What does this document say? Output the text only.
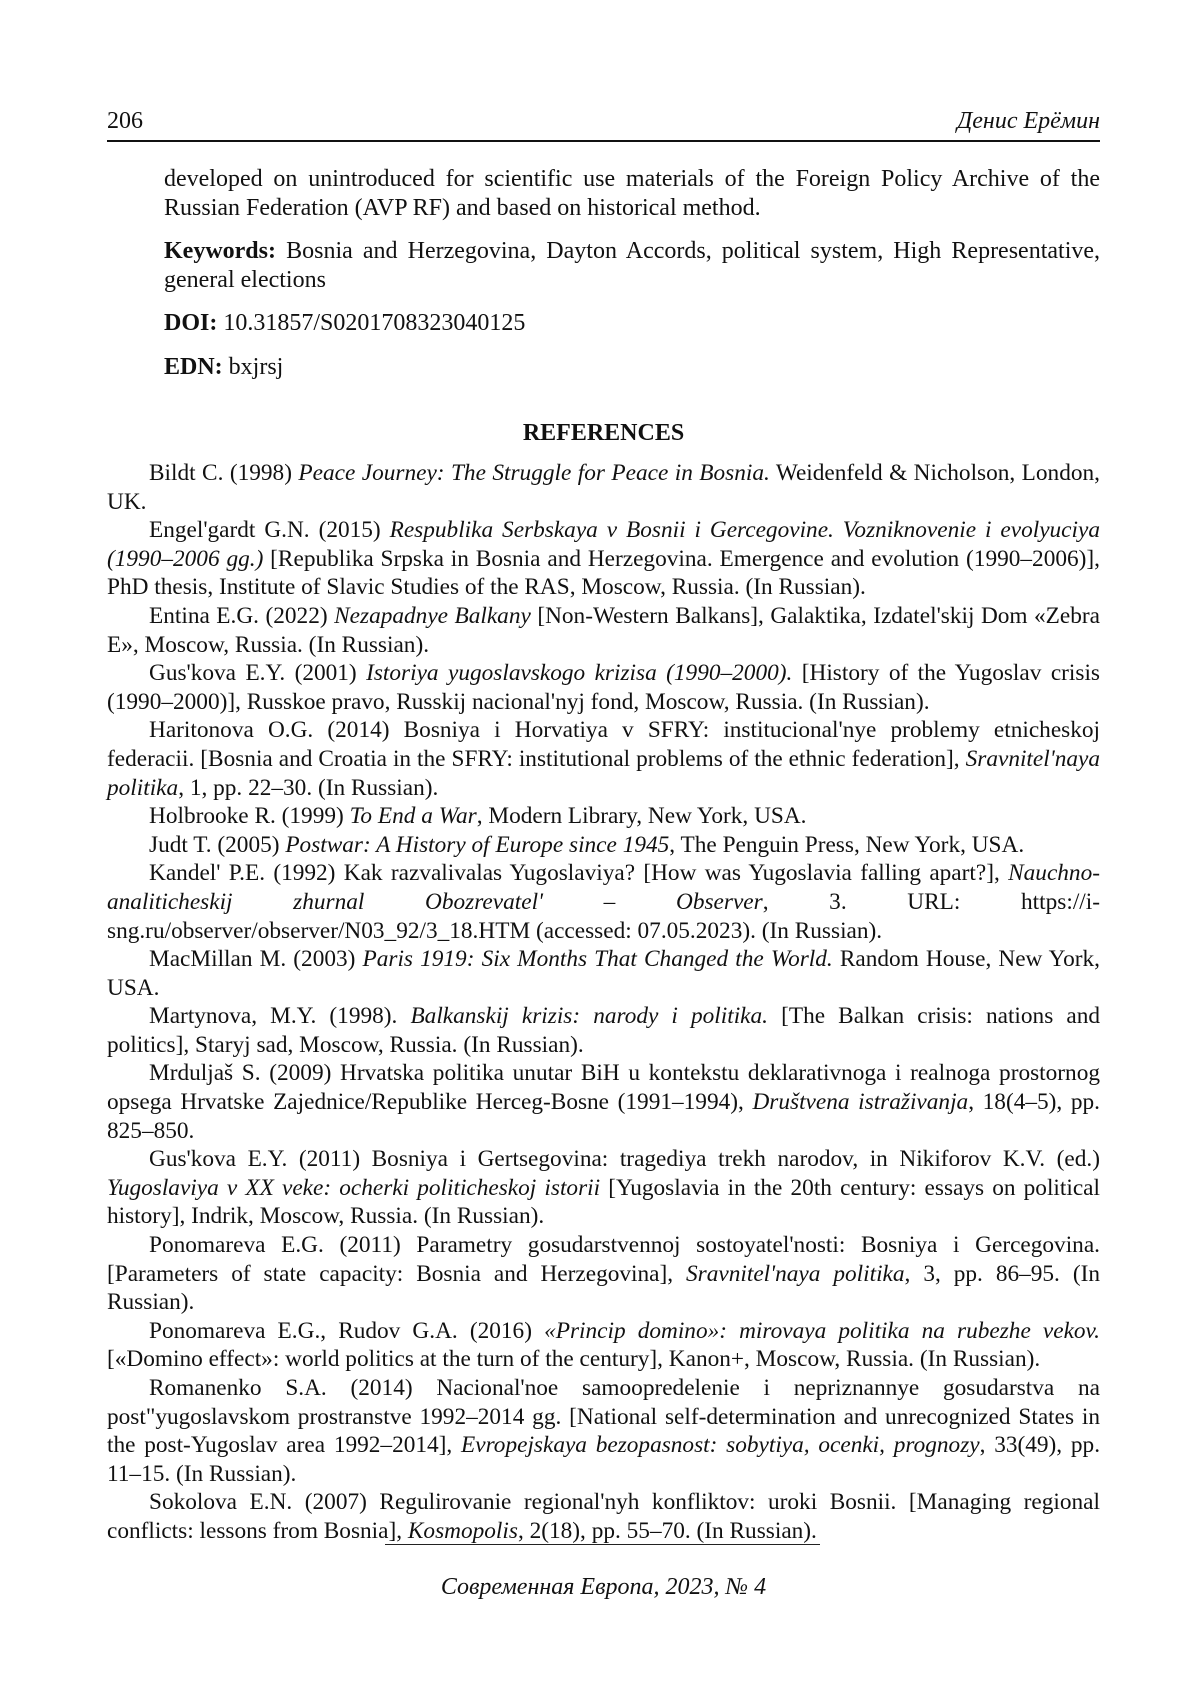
206	Денис Ерёмин

developed on unintroduced for scientific use materials of the Foreign Policy Archive of the Russian Federation (AVP RF) and based on historical method.

Keywords: Bosnia and Herzegovina, Dayton Accords, political system, High Representative, general elections

DOI: 10.31857/S0201708323040125

EDN: bxjrsj

REFERENCES

Bildt C. (1998) Peace Journey: The Struggle for Peace in Bosnia. Weidenfeld & Nicholson, London, UK.

Engel'gardt G.N. (2015) Respublika Serbskaya v Bosnii i Gercegovine. Vozniknovenie i evolyuciya (1990–2006 gg.) [Republika Srpska in Bosnia and Herzegovina. Emergence and evolution (1990–2006)], PhD thesis, Institute of Slavic Studies of the RAS, Moscow, Russia. (In Russian).

Entina E.G. (2022) Nezapadnye Balkany [Non-Western Balkans], Galaktika, Izdatel'skij Dom «Zebra E», Moscow, Russia. (In Russian).

Gus'kova E.Y. (2001) Istoriya yugoslavskogo krizisa (1990–2000). [History of the Yugoslav crisis (1990–2000)], Russkoe pravo, Russkij nacional'nyj fond, Moscow, Russia. (In Russian).

Haritonova O.G. (2014) Bosniya i Horvatiya v SFRY: institucional'nye problemy etnicheskoj federacii. [Bosnia and Croatia in the SFRY: institutional problems of the ethnic federation], Sravnitel'naya politika, 1, pp. 22–30. (In Russian).

Holbrooke R. (1999) To End a War, Modern Library, New York, USA.

Judt T. (2005) Postwar: A History of Europe since 1945, The Penguin Press, New York, USA.

Kandel' P.E. (1992) Kak razvalivalas Yugoslaviya? [How was Yugoslavia falling apart?], Nauchno-analiticheskij zhurnal Obozrevatel' – Observer, 3. URL: https://i-sng.ru/observer/observer/N03_92/3_18.HTM (accessed: 07.05.2023). (In Russian).

MacMillan M. (2003) Paris 1919: Six Months That Changed the World. Random House, New York, USA.

Martynova, M.Y. (1998). Balkanskij krizis: narody i politika. [The Balkan crisis: nations and politics], Staryj sad, Moscow, Russia. (In Russian).

Mrduljaš S. (2009) Hrvatska politika unutar BiH u kontekstu deklarativnoga i realnoga prostornog opsega Hrvatske Zajednice/Republike Herceg-Bosne (1991–1994), Društvena istraživanja, 18(4–5), pp. 825–850.

Gus'kova E.Y. (2011) Bosniya i Gertsegovina: tragediya trekh narodov, in Nikiforov K.V. (ed.) Yugoslaviya v XX veke: ocherki politicheskoj istorii [Yugoslavia in the 20th century: essays on political history], Indrik, Moscow, Russia. (In Russian).

Ponomareva E.G. (2011) Parametry gosudarstvennoj sostoyatel'nosti: Bosniya i Gercegovina. [Parameters of state capacity: Bosnia and Herzegovina], Sravnitel'naya politika, 3, pp. 86–95. (In Russian).

Ponomareva E.G., Rudov G.A. (2016) «Princip domino»: mirovaya politika na rubezhe vekov. [«Domino effect»: world politics at the turn of the century], Kanon+, Moscow, Russia. (In Russian).

Romanenko S.A. (2014) Nacional'noe samoopredelenie i nepriznannye gosudarstva na post"yugoslavskom prostranstve 1992–2014 gg. [National self-determination and unrecognized States in the post-Yugoslav area 1992–2014], Evropejskaya bezopasnost: sobytiya, ocenki, prognozy, 33(49), pp. 11–15. (In Russian).

Sokolova E.N. (2007) Regulirovanie regional'nyh konfliktov: uroki Bosnii. [Managing regional conflicts: lessons from Bosnia], Kosmopolis, 2(18), pp. 55–70. (In Russian).

Современная Европа, 2023, № 4
